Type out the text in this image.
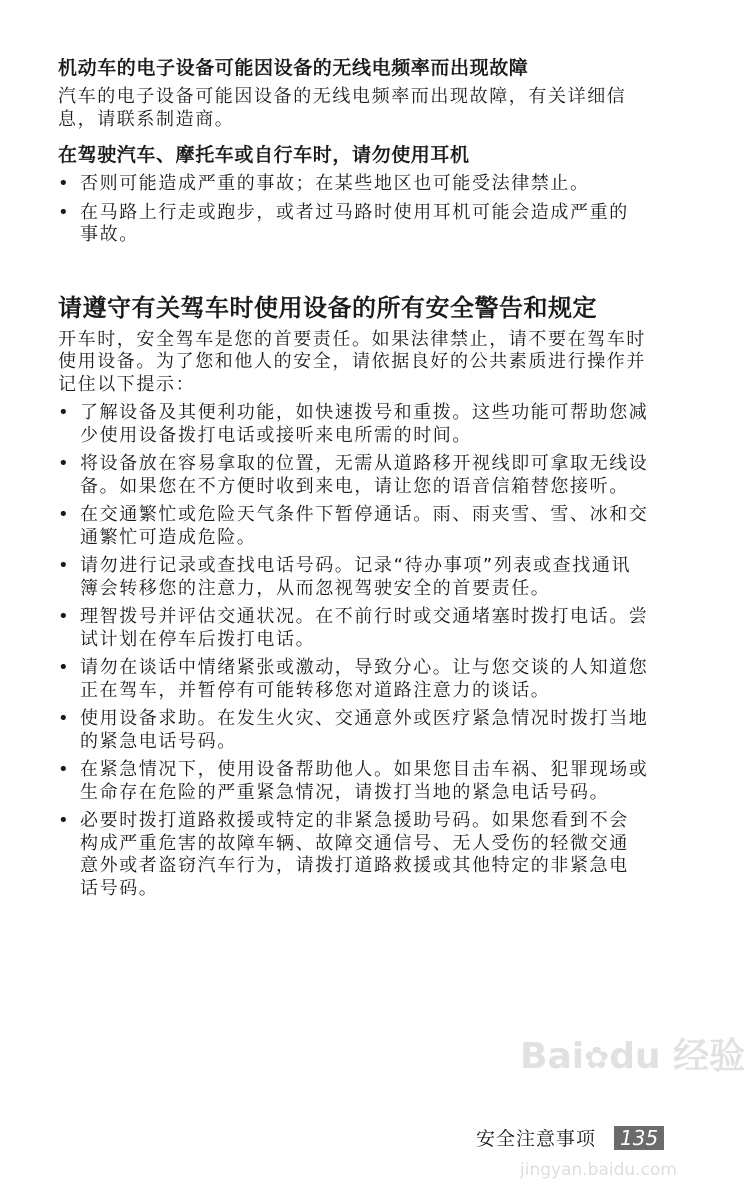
机动车的电子设备可能因设备的无线电频率而出现故障
汽车的电子设备可能因设备的无线电频率而出现故障，有关详细信
息，请联系制造商。
在驾驶汽车、摩托车或自行车时，请勿使用耳机
• 否则可能造成严重的事故；在某些地区也可能受法律禁止。
• 在马路上行走或跑步，或者过马路时使用耳机可能会造成严重的
事故。
请遵守有关驾车时使用设备的所有安全警告和规定
开车时，安全驾车是您的首要责任。如果法律禁止，请不要在驾车时
使用设备。为了您和他人的安全，请依据良好的公共素质进行操作并
记住以下提示：
• 了解设备及其便利功能，如快速拨号和重拨。这些功能可帮助您减
少使用设备拨打电话或接听来电所需的时间。
• 将设备放在容易拿取的位置，无需从道路移开视线即可拿取无线设
备。如果您在不方便时收到来电，请让您的语音信箱替您接听。
• 在交通繁忙或危险天气条件下暂停通话。雨、雨夹雪、雪、冰和交
通繁忙可造成危险。
• 请勿进行记录或查找电话号码。记录“待办事项”列表或查找通讯
簿会转移您的注意力，从而忽视驾驶安全的首要责任。
• 理智拨号并评估交通状况。在不前行时或交通堵塞时拨打电话。尝
试计划在停车后拨打电话。
• 请勿在谈话中情绪紧张或激动，导致分心。让与您交谈的人知道您
正在驾车，并暂停有可能转移您对道路注意力的谈话。
• 使用设备求助。在发生火灾、交通意外或医疗紧急情况时拨打当地
的紧急电话号码。
• 在紧急情况下，使用设备帮助他人。如果您目击车祸、犯罪现场或
生命存在危险的严重紧急情况，请拨打当地的紧急电话号码。
• 必要时拨打道路救援或特定的非紧急援助号码。如果您看到不会
构成严重危害的故障车辆、故障交通信号、无人受伤的轻微交通
意外或者盗窃汽车行为，请拨打道路救援或其他特定的非紧急电
话号码。
安全注意事项	135
Bai✿du 经验
jingyan.baidu.com
